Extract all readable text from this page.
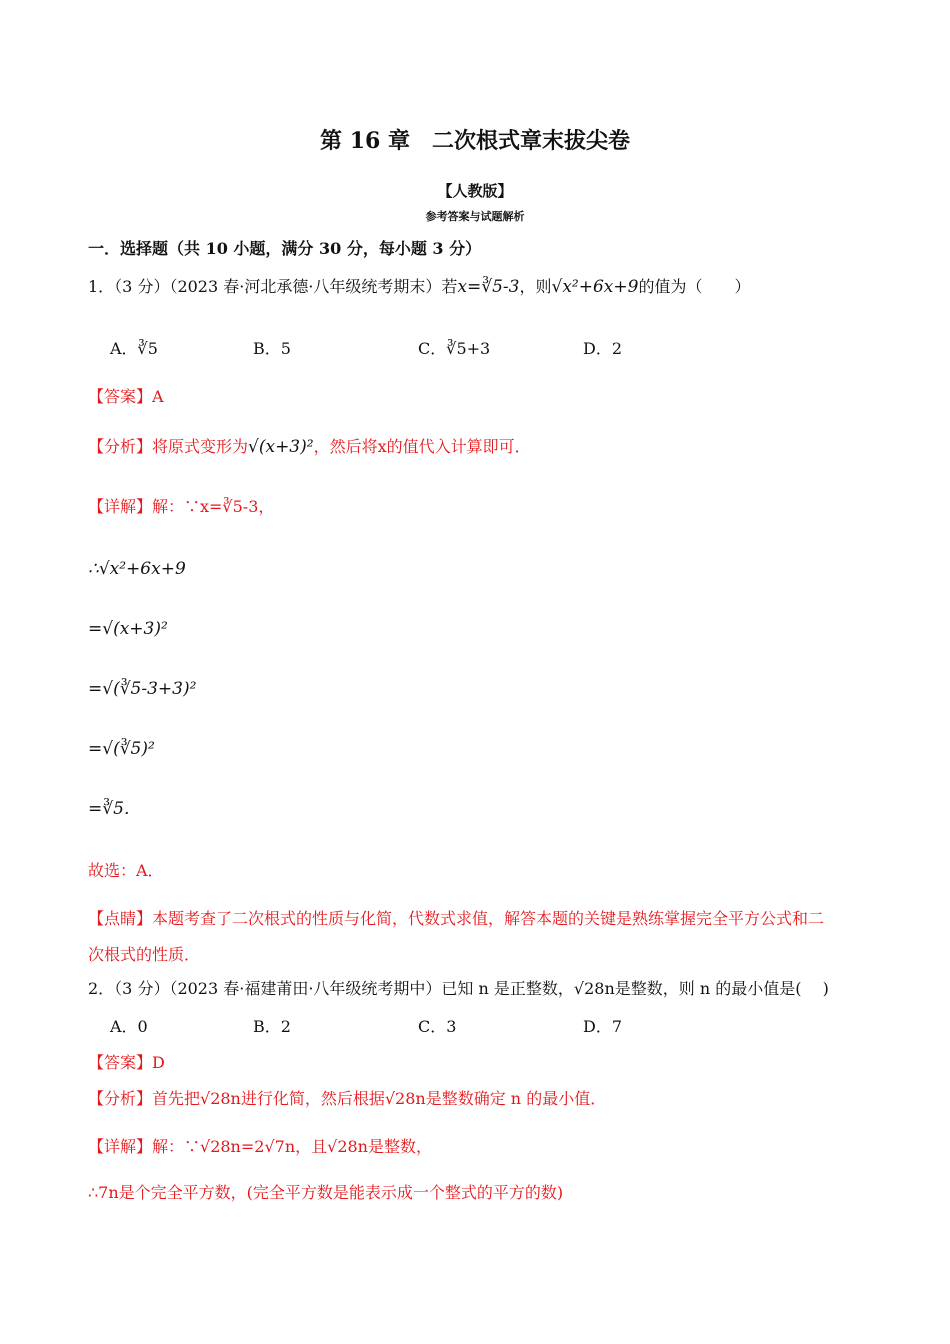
第 16 章　二次根式章末拔尖卷
【人教版】
参考答案与试题解析
一．选择题（共 10 小题，满分 30 分，每小题 3 分）
1．（3 分）（2023 春·河北承德·八年级统考期末）若x=∛5-3，则√x²+6x+9的值为（　　）
A．∛5	B．5	C．∛5+3	D．2
【答案】A
【分析】将原式变形为√(x+3)²，然后将x的值代入计算即可．
【详解】解：∵x=∛5-3，
∴√x²+6x+9
=√(x+3)²
=√(∛5-3+3)²
=√(∛5)²
=∛5．
故选：A．
【点睛】本题考查了二次根式的性质与化简，代数式求值，解答本题的关键是熟练掌握完全平方公式和二
次根式的性质．
2．（3 分）（2023 春·福建莆田·八年级统考期中）已知 n 是正整数，√28n是整数，则 n 的最小值是(　 )
A．0	B．2	C．3	D．7
【答案】D
【分析】首先把√28n进行化简，然后根据√28n是整数确定 n 的最小值．
【详解】解：∵√28n=2√7n，且√28n是整数，
∴7n是个完全平方数，(完全平方数是能表示成一个整式的平方的数)
